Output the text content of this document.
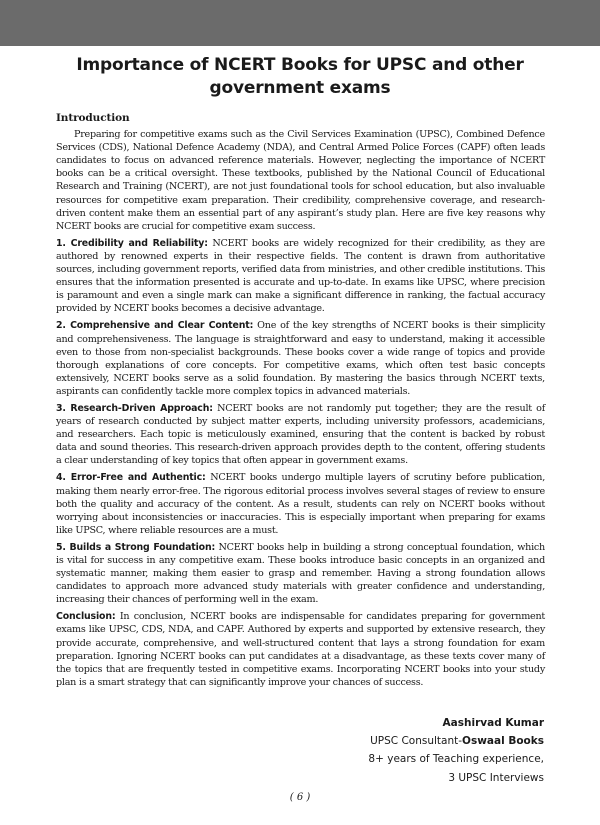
Importance of NCERT Books for UPSC and other government exams
Introduction

Preparing for competitive exams such as the Civil Services Examination (UPSC), Combined Defence Services (CDS), National Defence Academy (NDA), and Central Armed Police Forces (CAPF) often leads candidates to focus on advanced reference materials. However, neglecting the importance of NCERT books can be a critical oversight. These textbooks, published by the National Council of Educational Research and Training (NCERT), are not just foundational tools for school education, but also invaluable resources for competitive exam preparation. Their credibility, comprehensive coverage, and research-driven content make them an essential part of any aspirant’s study plan. Here are five key reasons why NCERT books are crucial for competitive exam success.

1. Credibility and Reliability: NCERT books are widely recognized for their credibility, as they are authored by renowned experts in their respective fields. The content is drawn from authoritative sources, including government reports, verified data from ministries, and other credible institutions. This ensures that the information presented is accurate and up-to-date. In exams like UPSC, where precision is paramount and even a single mark can make a significant difference in ranking, the factual accuracy provided by NCERT books becomes a decisive advantage.

2. Comprehensive and Clear Content: One of the key strengths of NCERT books is their simplicity and comprehensiveness. The language is straightforward and easy to understand, making it accessible even to those from non-specialist backgrounds. These books cover a wide range of topics and provide thorough explanations of core concepts. For competitive exams, which often test basic concepts extensively, NCERT books serve as a solid foundation. By mastering the basics through NCERT texts, aspirants can confidently tackle more complex topics in advanced materials.

3. Research-Driven Approach: NCERT books are not randomly put together; they are the result of years of research conducted by subject matter experts, including university professors, academicians, and researchers. Each topic is meticulously examined, ensuring that the content is backed by robust data and sound theories. This research-driven approach provides depth to the content, offering students a clear understanding of key topics that often appear in government exams.

4. Error-Free and Authentic: NCERT books undergo multiple layers of scrutiny before publication, making them nearly error-free. The rigorous editorial process involves several stages of review to ensure both the quality and accuracy of the content. As a result, students can rely on NCERT books without worrying about inconsistencies or inaccuracies. This is especially important when preparing for exams like UPSC, where reliable resources are a must.

5. Builds a Strong Foundation: NCERT books help in building a strong conceptual foundation, which is vital for success in any competitive exam. These books introduce basic concepts in an organized and systematic manner, making them easier to grasp and remember. Having a strong foundation allows candidates to approach more advanced study materials with greater confidence and understanding, increasing their chances of performing well in the exam.

Conclusion: In conclusion, NCERT books are indispensable for candidates preparing for government exams like UPSC, CDS, NDA, and CAPF. Authored by experts and supported by extensive research, they provide accurate, comprehensive, and well-structured content that lays a strong foundation for exam preparation. Ignoring NCERT books can put candidates at a disadvantage, as these texts cover many of the topics that are frequently tested in competitive exams. Incorporating NCERT books into your study plan is a smart strategy that can significantly improve your chances of success.

Aashirvad Kumar
UPSC Consultant-Oswaal Books
8+ years of Teaching experience,
3 UPSC Interviews
( 6 )
